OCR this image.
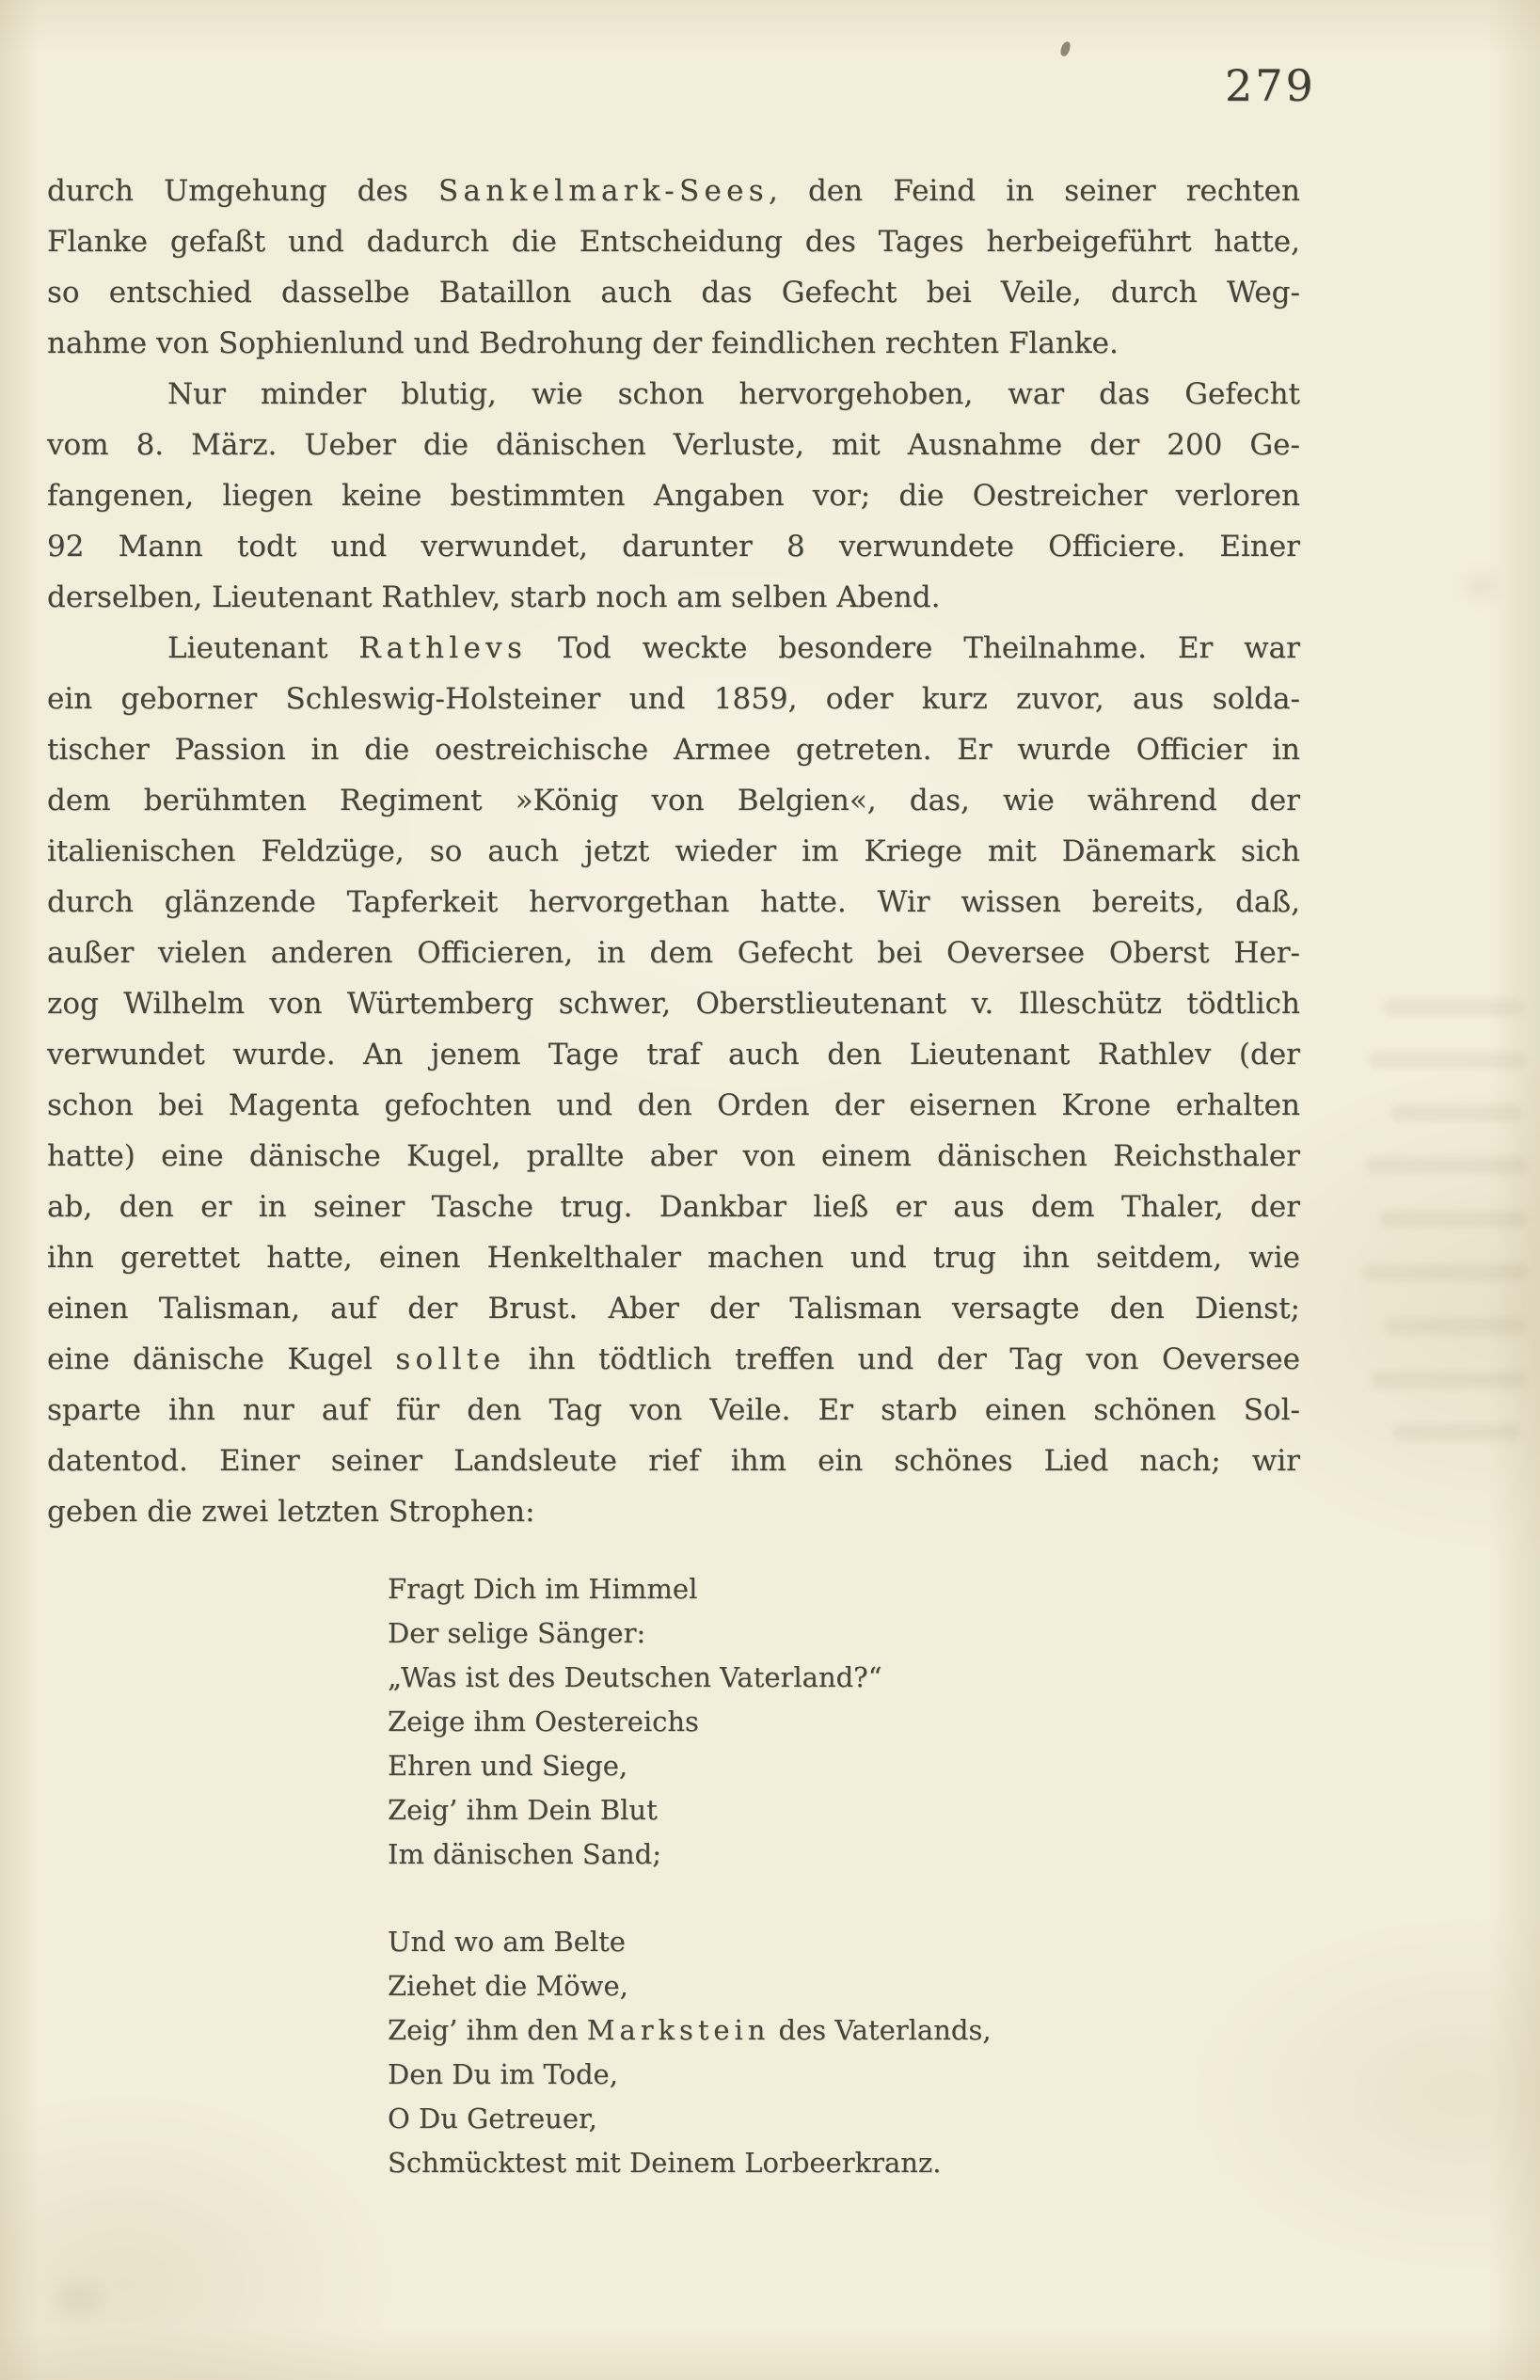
279
durch Umgehung des Sankelmark-Sees, den Feind in seiner rechten
Flanke gefaßt und dadurch die Entscheidung des Tages herbeigeführt hatte,
so entschied dasselbe Bataillon auch das Gefecht bei Veile, durch Weg-
nahme von Sophienlund und Bedrohung der feindlichen rechten Flanke.
Nur minder blutig, wie schon hervorgehoben, war das Gefecht
vom 8. März. Ueber die dänischen Verluste, mit Ausnahme der 200 Ge-
fangenen, liegen keine bestimmten Angaben vor; die Oestreicher verloren
92 Mann todt und verwundet, darunter 8 verwundete Officiere. Einer
derselben, Lieutenant Rathlev, starb noch am selben Abend.
Lieutenant Rathlevs Tod weckte besondere Theilnahme. Er war
ein geborner Schleswig-Holsteiner und 1859, oder kurz zuvor, aus solda-
tischer Passion in die oestreichische Armee getreten. Er wurde Officier in
dem berühmten Regiment »König von Belgien«, das, wie während der
italienischen Feldzüge, so auch jetzt wieder im Kriege mit Dänemark sich
durch glänzende Tapferkeit hervorgethan hatte. Wir wissen bereits, daß,
außer vielen anderen Officieren, in dem Gefecht bei Oeversee Oberst Her-
zog Wilhelm von Würtemberg schwer, Oberstlieutenant v. Illeschütz tödtlich
verwundet wurde. An jenem Tage traf auch den Lieutenant Rathlev (der
schon bei Magenta gefochten und den Orden der eisernen Krone erhalten
hatte) eine dänische Kugel, prallte aber von einem dänischen Reichsthaler
ab, den er in seiner Tasche trug. Dankbar ließ er aus dem Thaler, der
ihn gerettet hatte, einen Henkelthaler machen und trug ihn seitdem, wie
einen Talisman, auf der Brust. Aber der Talisman versagte den Dienst;
eine dänische Kugel sollte ihn tödtlich treffen und der Tag von Oeversee
sparte ihn nur auf für den Tag von Veile. Er starb einen schönen Sol-
datentod. Einer seiner Landsleute rief ihm ein schönes Lied nach; wir
geben die zwei letzten Strophen:
Fragt Dich im Himmel
Der selige Sänger:
„Was ist des Deutschen Vaterland?“
Zeige ihm Oestereichs
Ehren und Siege,
Zeig’ ihm Dein Blut
Im dänischen Sand;
Und wo am Belte
Ziehet die Möwe,
Zeig’ ihm den Markstein des Vaterlands,
Den Du im Tode,
O Du Getreuer,
Schmücktest mit Deinem Lorbeerkranz.
